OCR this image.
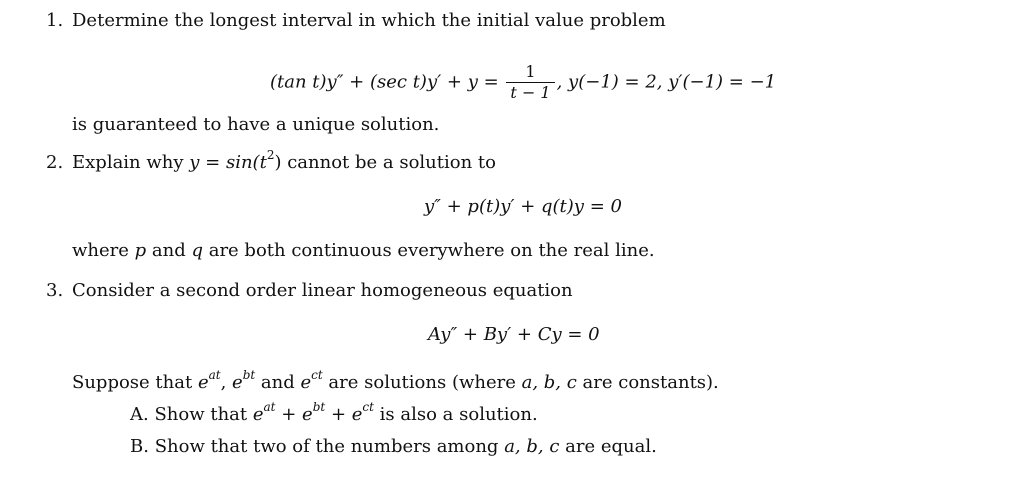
1. Determine the longest interval in which the initial value problem
(tan t)y″ + (sec $t)y' + y = \frac{1}{t - 1}$ , y(−1) = 2, y′(−1) = −1
is guaranteed to have a unique solution.
2. Explain why $y = \sin(t^2)$ cannot be a solution to
y″ + p(t)y′ + q(t)y = 0
where p and q are both continuous everywhere on the real line.
3. Consider a second order linear homogeneous equation
Ay″ + By′ + Cy = 0
Suppose that $e^{at}$, $e^{bt}$ and $e^{ct}$ are solutions (where a, b, c are constants).
A. Show that $e^{at} + e^{bt} + e^{ct}$ is also a solution.
B. Show that two of the numbers among a, b, c are equal.
